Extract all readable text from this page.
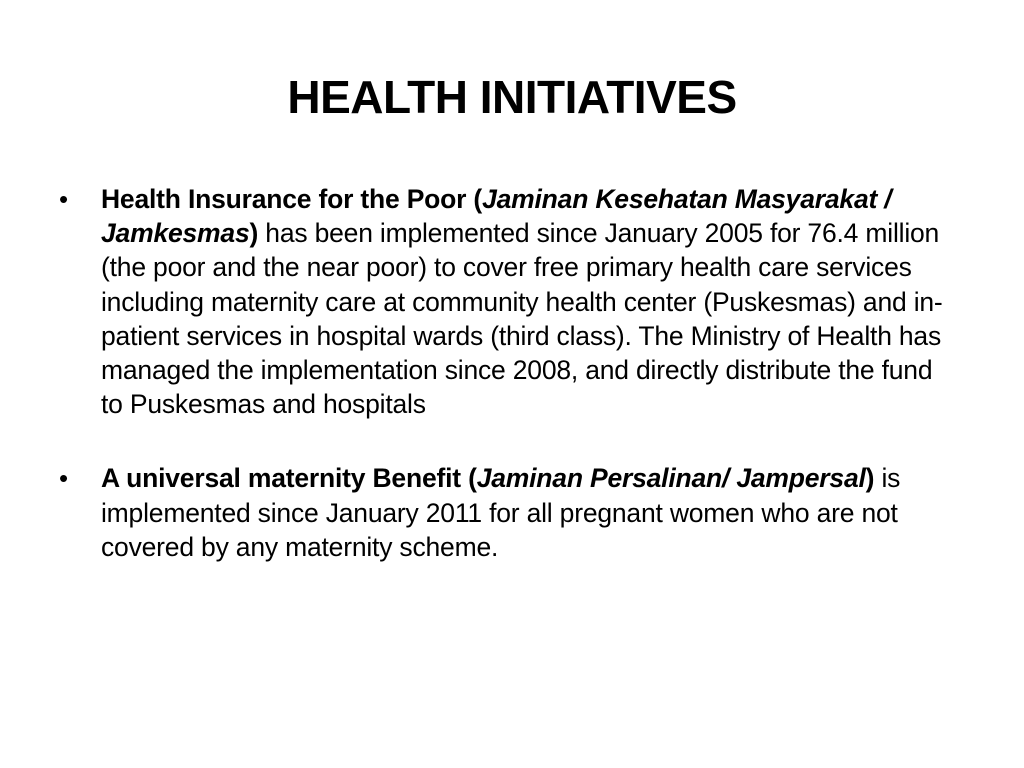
HEALTH INITIATIVES
•	Health Insurance for the Poor (Jaminan Kesehatan Masyarakat / Jamkesmas) has been implemented since January 2005 for 76.4 million (the poor and the near poor) to cover free primary health care services including maternity care at community health center (Puskesmas) and in-patient services in hospital wards (third class). The Ministry of Health has managed the implementation since 2008, and directly distribute the fund to Puskesmas and hospitals
•	A universal maternity Benefit (Jaminan Persalinan/ Jampersal) is implemented since January 2011 for all pregnant women who are not covered by any maternity scheme.
